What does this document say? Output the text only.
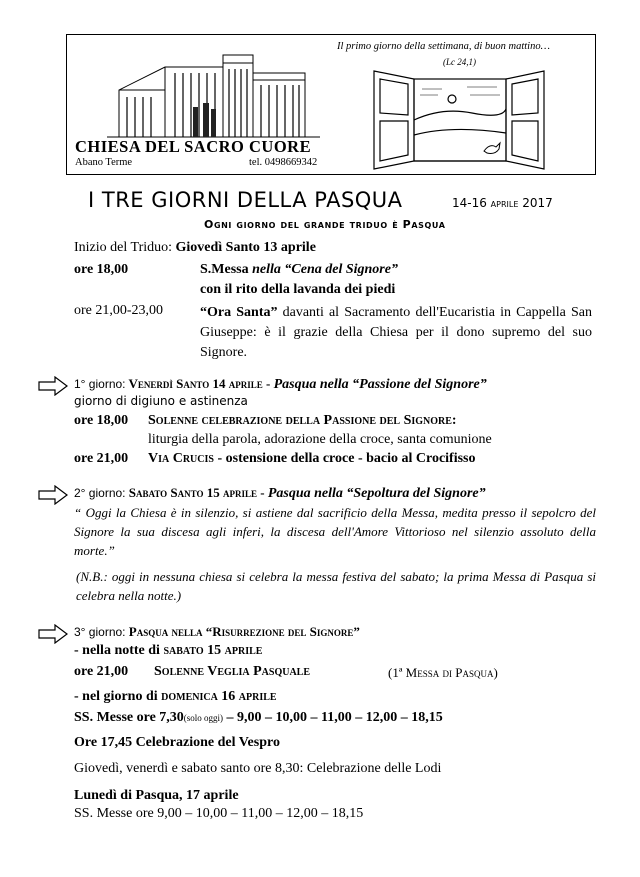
CHIESA DEL SACRO CUORE
Abano Terme	tel. 0498669342
Il primo giorno della settimana, di buon mattino…
(Lc 24,1)
I TRE GIORNI DELLA PASQUA	14-16 aprile 2017
Ogni giorno del grande triduo è Pasqua
Inizio del Triduo: Giovedì Santo 13 aprile
ore 18,00	S.Messa nella “Cena del Signore”
con il rito della lavanda dei piedi
ore 21,00-23,00	“Ora Santa” davanti al Sacramento dell'Eucaristia in Cappella San Giuseppe: è il grazie della Chiesa per il dono supremo del suo Signore.
1° giorno: Venerdì Santo 14 aprile - Pasqua nella “Passione del Signore”
giorno di digiuno e astinenza
ore 18,00 Solenne celebrazione della Passione del Signore:
liturgia della parola, adorazione della croce, santa comunione
ore 21,00 Via Crucis - ostensione della croce - bacio al Crocifisso
2° giorno: Sabato Santo 15 aprile - Pasqua nella “Sepoltura del Signore”
“ Oggi la Chiesa è in silenzio, si astiene dal sacrificio della Messa, medita presso il sepolcro del Signore la sua discesa agli inferi, la discesa dell'Amore Vittorioso nel silenzio assoluto della morte.”
(N.B.: oggi in nessuna chiesa si celebra la messa festiva del sabato; la prima Messa di Pasqua si celebra nella notte.)
3° giorno: Pasqua nella “Risurrezione del Signore”
- nella notte di sabato 15 aprile
ore 21,00 Solenne Veglia Pasquale	(1ª Messa di Pasqua)
- nel giorno di domenica 16 aprile
SS. Messe ore 7,30(solo oggi) – 9,00 – 10,00 – 11,00 – 12,00 – 18,15
Ore 17,45 Celebrazione del Vespro
Giovedì, venerdì e sabato santo ore 8,30: Celebrazione delle Lodi
Lunedì di Pasqua, 17 aprile
SS. Messe ore 9,00 – 10,00 – 11,00 – 12,00 – 18,15
